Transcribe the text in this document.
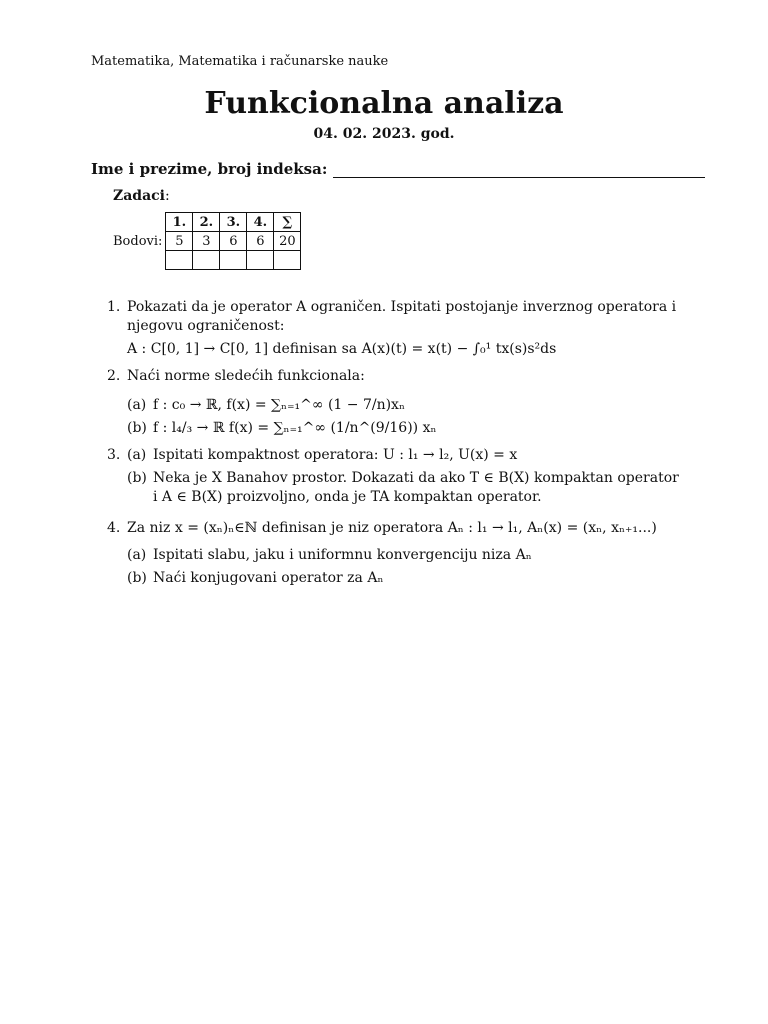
Matematika, Matematika i računarske nauke
Funkcionalna analiza
04. 02. 2023. god.
Ime i prezime, broj indeksa:
Zadaci:
	1.	2.	3.	4.	∑
Bodovi:	5	3	6	6	20

1. Pokazati da je operator A ograničen. Ispitati postojanje inverznog operatora i njegovu ograničenost:
A : C[0, 1] → C[0, 1] definisan sa A(x)(t) = x(t) − ∫₀¹ tx(s)s²ds
2. Naći norme sledećih funkcionala:
(a) f : c₀ → ℝ, f(x) = ∑ₙ₌₁^∞ (1 − 7/n)xₙ
(b) f : l₄/₃ → ℝ f(x) = ∑ₙ₌₁^∞ (1/n^(9/16)) xₙ
3. (a) Ispitati kompaktnost operatora: U : l₁ → l₂, U(x) = x
(b) Neka je X Banahov prostor. Dokazati da ako T ∈ B(X) kompaktan operator i A ∈ B(X) proizvoljno, onda je TA kompaktan operator.
4. Za niz x = (xₙ)ₙ∈ℕ definisan je niz operatora Aₙ : l₁ → l₁, Aₙ(x) = (xₙ, xₙ₊₁...)
(a) Ispitati slabu, jaku i uniformnu konvergenciju niza Aₙ
(b) Naći konjugovani operator za Aₙ
